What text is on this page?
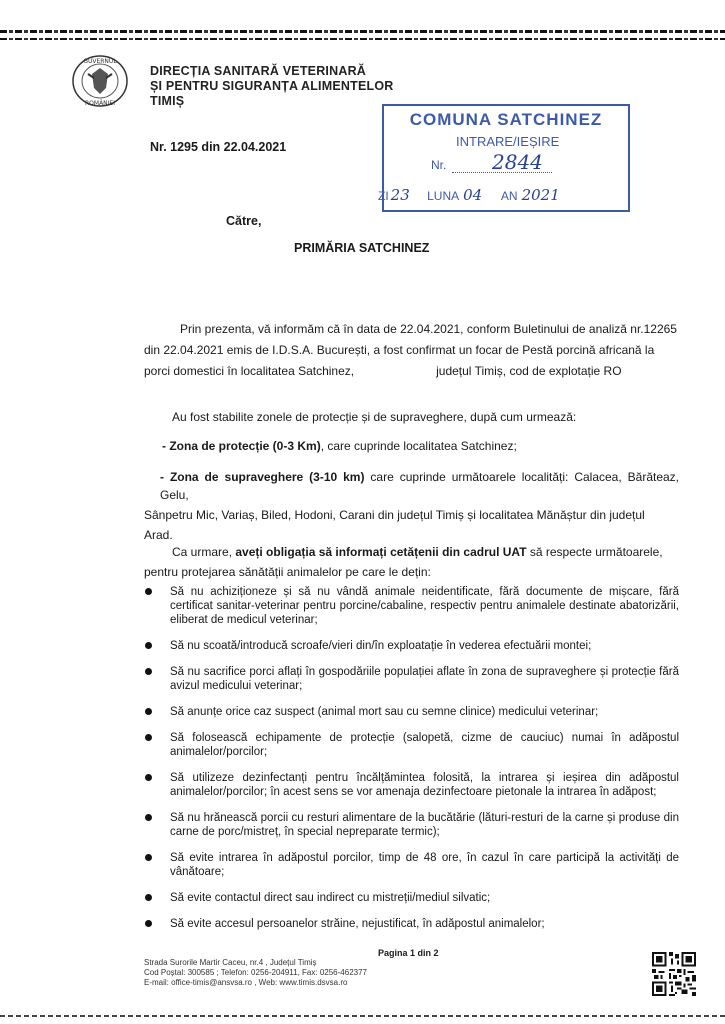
GUVERNUL
ROMÂNIEI
DIRECȚIA SANITARĂ VETERINARĂ
ȘI PENTRU SIGURANȚA ALIMENTELOR
TIMIȘ
Nr. 1295 din 22.04.2021
COMUNA SATCHINEZ
INTRARE/IEȘIRE
Nr. 2844
ZI 23 LUNA 04 AN 2021
Către,
PRIMĂRIA SATCHINEZ
Prin prezenta, vă informăm că în data de 22.04.2021, conform Buletinului de analiză nr.12265
din 22.04.2021 emis de I.D.S.A. București, a fost confirmat un focar de Pestă porcină africană la
porci domestici în localitatea Satchinez,	județul Timiș, cod de explotație RO
Au fost stabilite zonele de protecție și de supraveghere, după cum urmează:
- Zona de protecție (0-3 Km), care cuprinde localitatea Satchinez;
- Zona de supraveghere (3-10 km) care cuprinde următoarele localități: Calacea, Bărăteaz, Gelu,
Sânpetru Mic, Variaș, Biled, Hodoni, Carani din județul Timiș și localitatea Mănăștur din județul
Arad.
Ca urmare, aveți obligația să informați cetățenii din cadrul UAT să respecte următoarele,
pentru protejarea sănătății animalelor pe care le dețin:
Să nu achiziționeze și să nu vândă animale neidentificate, fără documente de mișcare, fără certificat sanitar-veterinar pentru porcine/cabaline, respectiv pentru animalele destinate abatorizării, eliberat de medicul veterinar;
Să nu scoată/introducă scroafe/vieri din/în exploatație în vederea efectuării montei;
Să nu sacrifice porci aflați în gospodăriile populației aflate în zona de supraveghere și protecție fără avizul medicului veterinar;
Să anunțe orice caz suspect (animal mort sau cu semne clinice) medicului veterinar;
Să folosească echipamente de protecție (salopetă, cizme de cauciuc) numai în adăpostul animalelor/porcilor;
Să utilizeze dezinfectanți pentru încălțămintea folosită, la intrarea și ieșirea din adăpostul animalelor/porcilor; în acest sens se vor amenaja dezinfectoare pietonale la intrarea în adăpost;
Să nu hrănească porcii cu resturi alimentare de la bucătărie (lături-resturi de la carne și produse din carne de porc/mistreț, în special nepreparate termic);
Să evite intrarea în adăpostul porcilor, timp de 48 ore, în cazul în care participă la activități de vânătoare;
Să evite contactul direct sau indirect cu mistreții/mediul silvatic;
Să evite accesul persoanelor străine, nejustificat, în adăpostul animalelor;
Pagina 1 din 2
Strada Surorile Martir Caceu, nr.4 , Județul Timiș
Cod Poștal: 300585 ; Telefon: 0256-204911, Fax: 0256-462377
E-mail: office-timis@ansvsa.ro , Web: www.timis.dsvsa.ro
